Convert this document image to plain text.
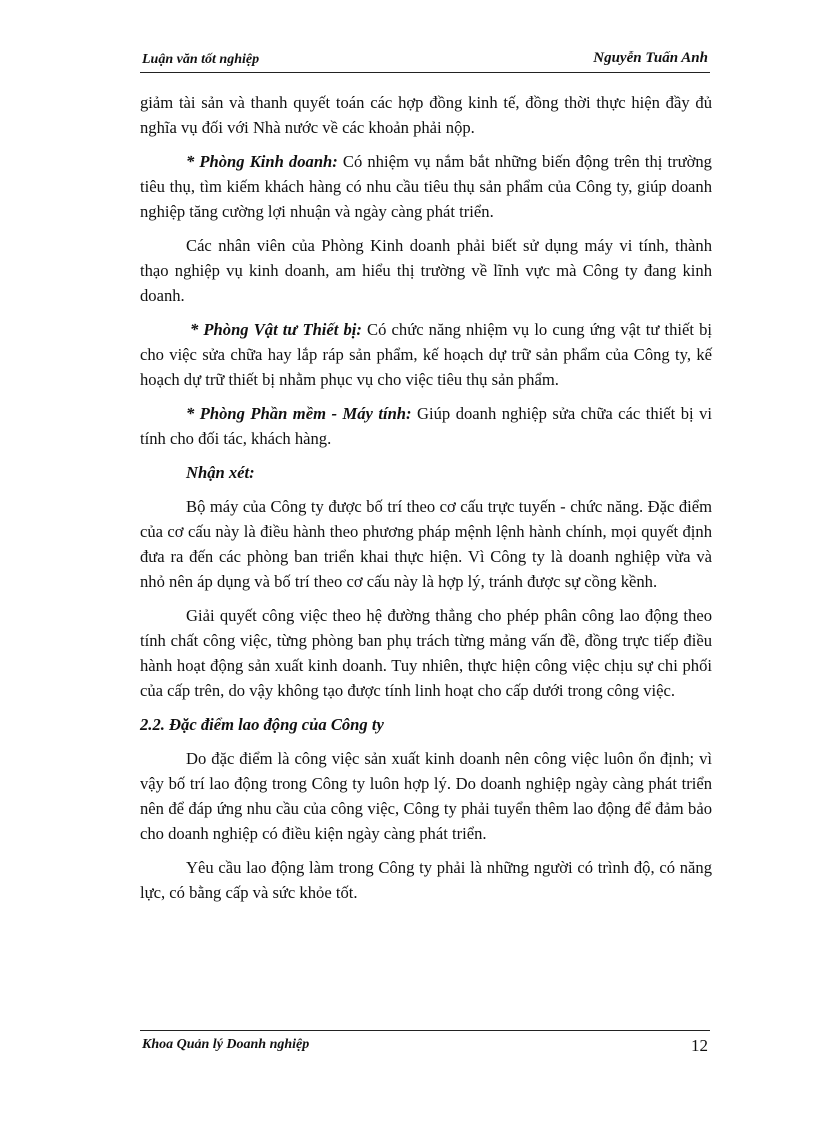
Luận văn tốt nghiệp	Nguyễn Tuấn Anh

giảm tài sản và thanh quyết toán các hợp đồng kinh tế, đồng thời thực hiện đầy đủ nghĩa vụ đối với Nhà nước về các khoản phải nộp.

* Phòng Kinh doanh: Có nhiệm vụ nắm bắt những biến động trên thị trường tiêu thụ, tìm kiếm khách hàng có nhu cầu tiêu thụ sản phẩm của Công ty, giúp doanh nghiệp tăng cường lợi nhuận và ngày càng phát triển.

Các nhân viên của Phòng Kinh doanh phải biết sử dụng máy vi tính, thành thạo nghiệp vụ kinh doanh, am hiểu thị trường về lĩnh vực mà Công ty đang kinh doanh.

* Phòng Vật tư Thiết bị: Có chức năng nhiệm vụ lo cung ứng vật tư thiết bị cho việc sửa chữa hay lắp ráp sản phẩm, kế hoạch dự trữ sản phẩm của Công ty, kế hoạch dự trữ thiết bị nhằm phục vụ cho việc tiêu thụ sản phẩm.

* Phòng Phần mềm - Máy tính: Giúp doanh nghiệp sửa chữa các thiết bị vi tính cho đối tác, khách hàng.

Nhận xét:

Bộ máy của Công ty được bố trí theo cơ cấu trực tuyến - chức năng. Đặc điểm của cơ cấu này là điều hành theo phương pháp mệnh lệnh hành chính, mọi quyết định đưa ra đến các phòng ban triển khai thực hiện. Vì Công ty là doanh nghiệp vừa và nhỏ nên áp dụng và bố trí theo cơ cấu này là hợp lý, tránh được sự cồng kềnh.

Giải quyết công việc theo hệ đường thẳng cho phép phân công lao động theo tính chất công việc, từng phòng ban phụ trách từng mảng vấn đề, đồng trực tiếp điều hành hoạt động sản xuất kinh doanh. Tuy nhiên, thực hiện công việc chịu sự chi phối của cấp trên, do vậy không tạo được tính linh hoạt cho cấp dưới trong công việc.

2.2. Đặc điểm lao động của Công ty

Do đặc điểm là công việc sản xuất kinh doanh nên công việc luôn ổn định; vì vậy bố trí lao động trong Công ty luôn hợp lý. Do doanh nghiệp ngày càng phát triển nên để đáp ứng nhu cầu của công việc, Công ty phải tuyển thêm lao động để đảm bảo cho doanh nghiệp có điều kiện ngày càng phát triển.

Yêu cầu lao động làm trong Công ty phải là những người có trình độ, có năng lực, có bằng cấp và sức khỏe tốt.

Khoa Quản lý Doanh nghiệp	12
